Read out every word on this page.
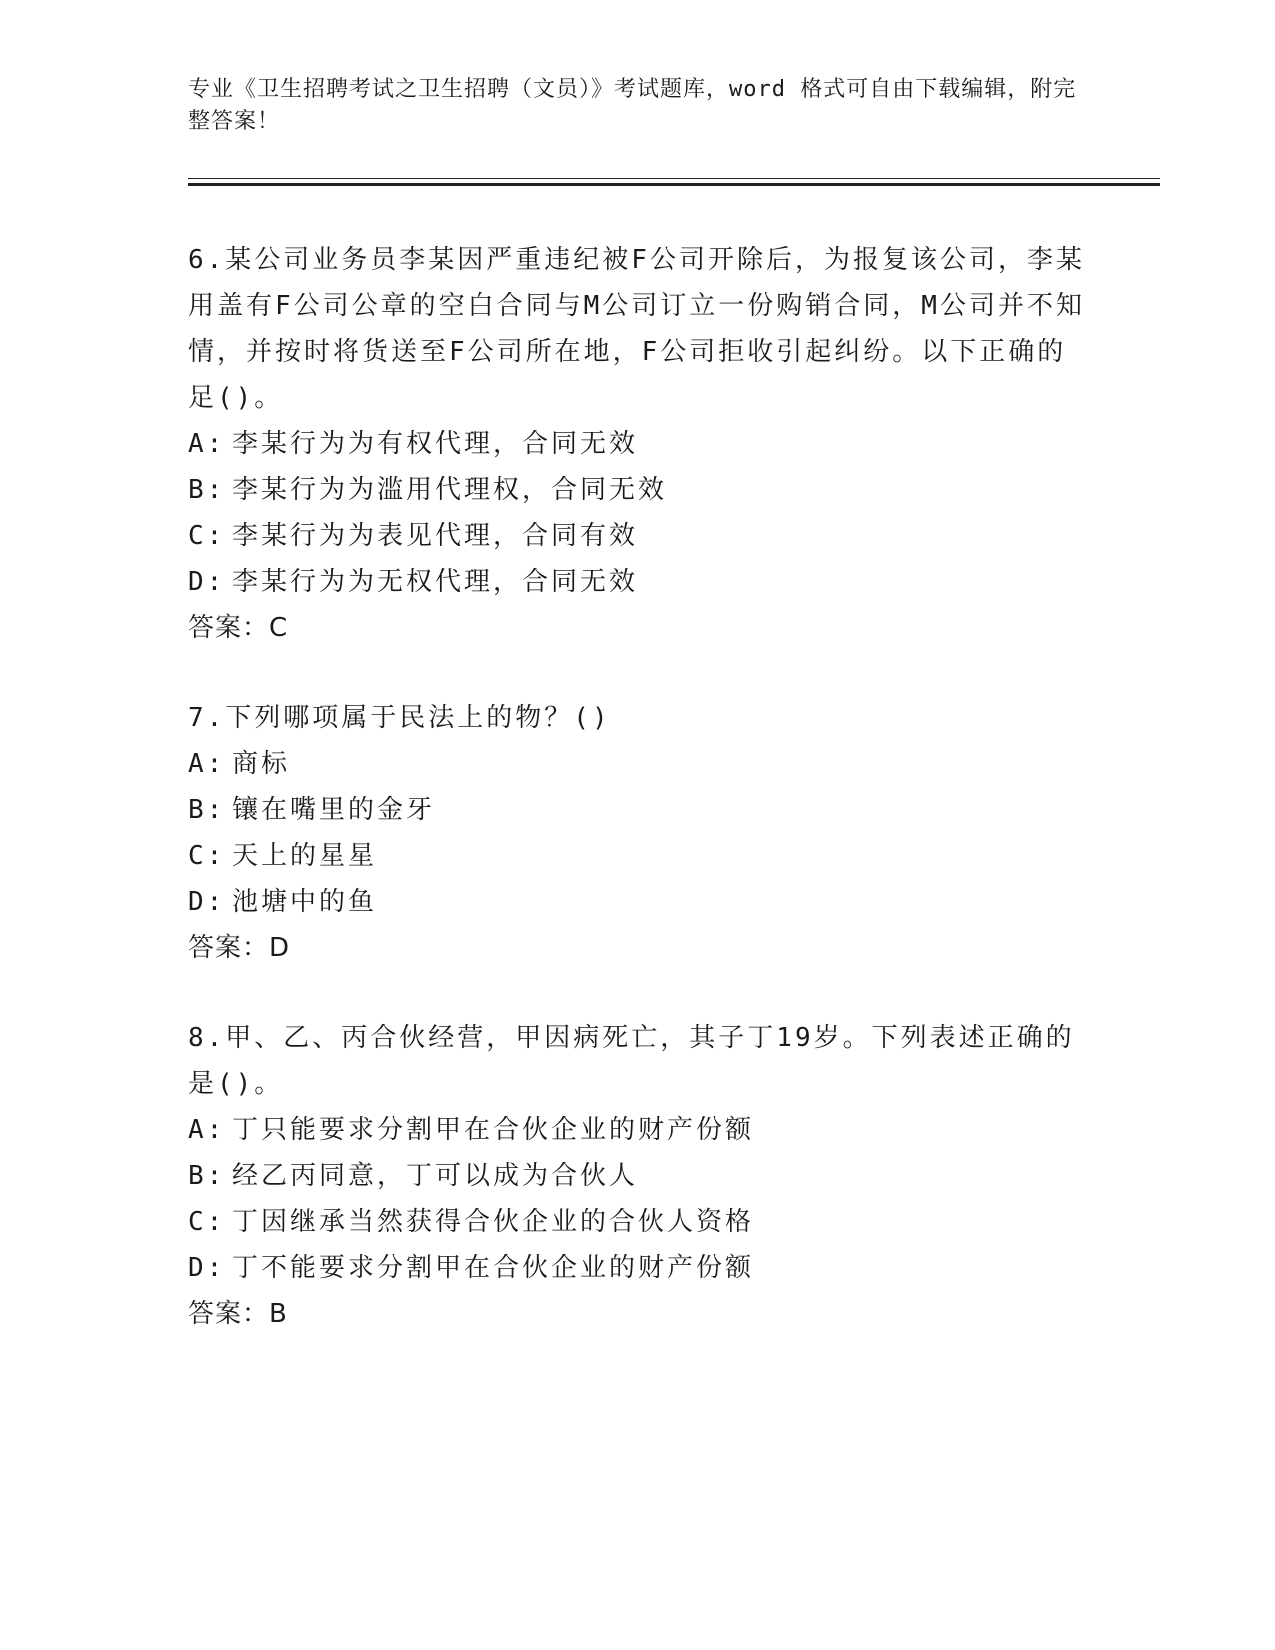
专业《卫生招聘考试之卫生招聘（文员）》考试题库，word 格式可自由下载编辑，附完整答案！

6.某公司业务员李某因严重违纪被F公司开除后，为报复该公司，李某用盖有F公司公章的空白合同与M公司订立一份购销合同，M公司并不知情，并按时将货送至F公司所在地，F公司拒收引起纠纷。以下正确的足()。

A: 李某行为为有权代理，合同无效

B: 李某行为为滥用代理权，合同无效

C: 李某行为为表见代理，合同有效

D: 李某行为为无权代理，合同无效

答案：C

7.下列哪项属于民法上的物？()

A: 商标

B: 镶在嘴里的金牙

C: 天上的星星

D: 池塘中的鱼

答案：D

8.甲、乙、丙合伙经营，甲因病死亡，其子丁19岁。下列表述正确的是()。

A: 丁只能要求分割甲在合伙企业的财产份额

B: 经乙丙同意，丁可以成为合伙人

C: 丁因继承当然获得合伙企业的合伙人资格

D: 丁不能要求分割甲在合伙企业的财产份额

答案：B
